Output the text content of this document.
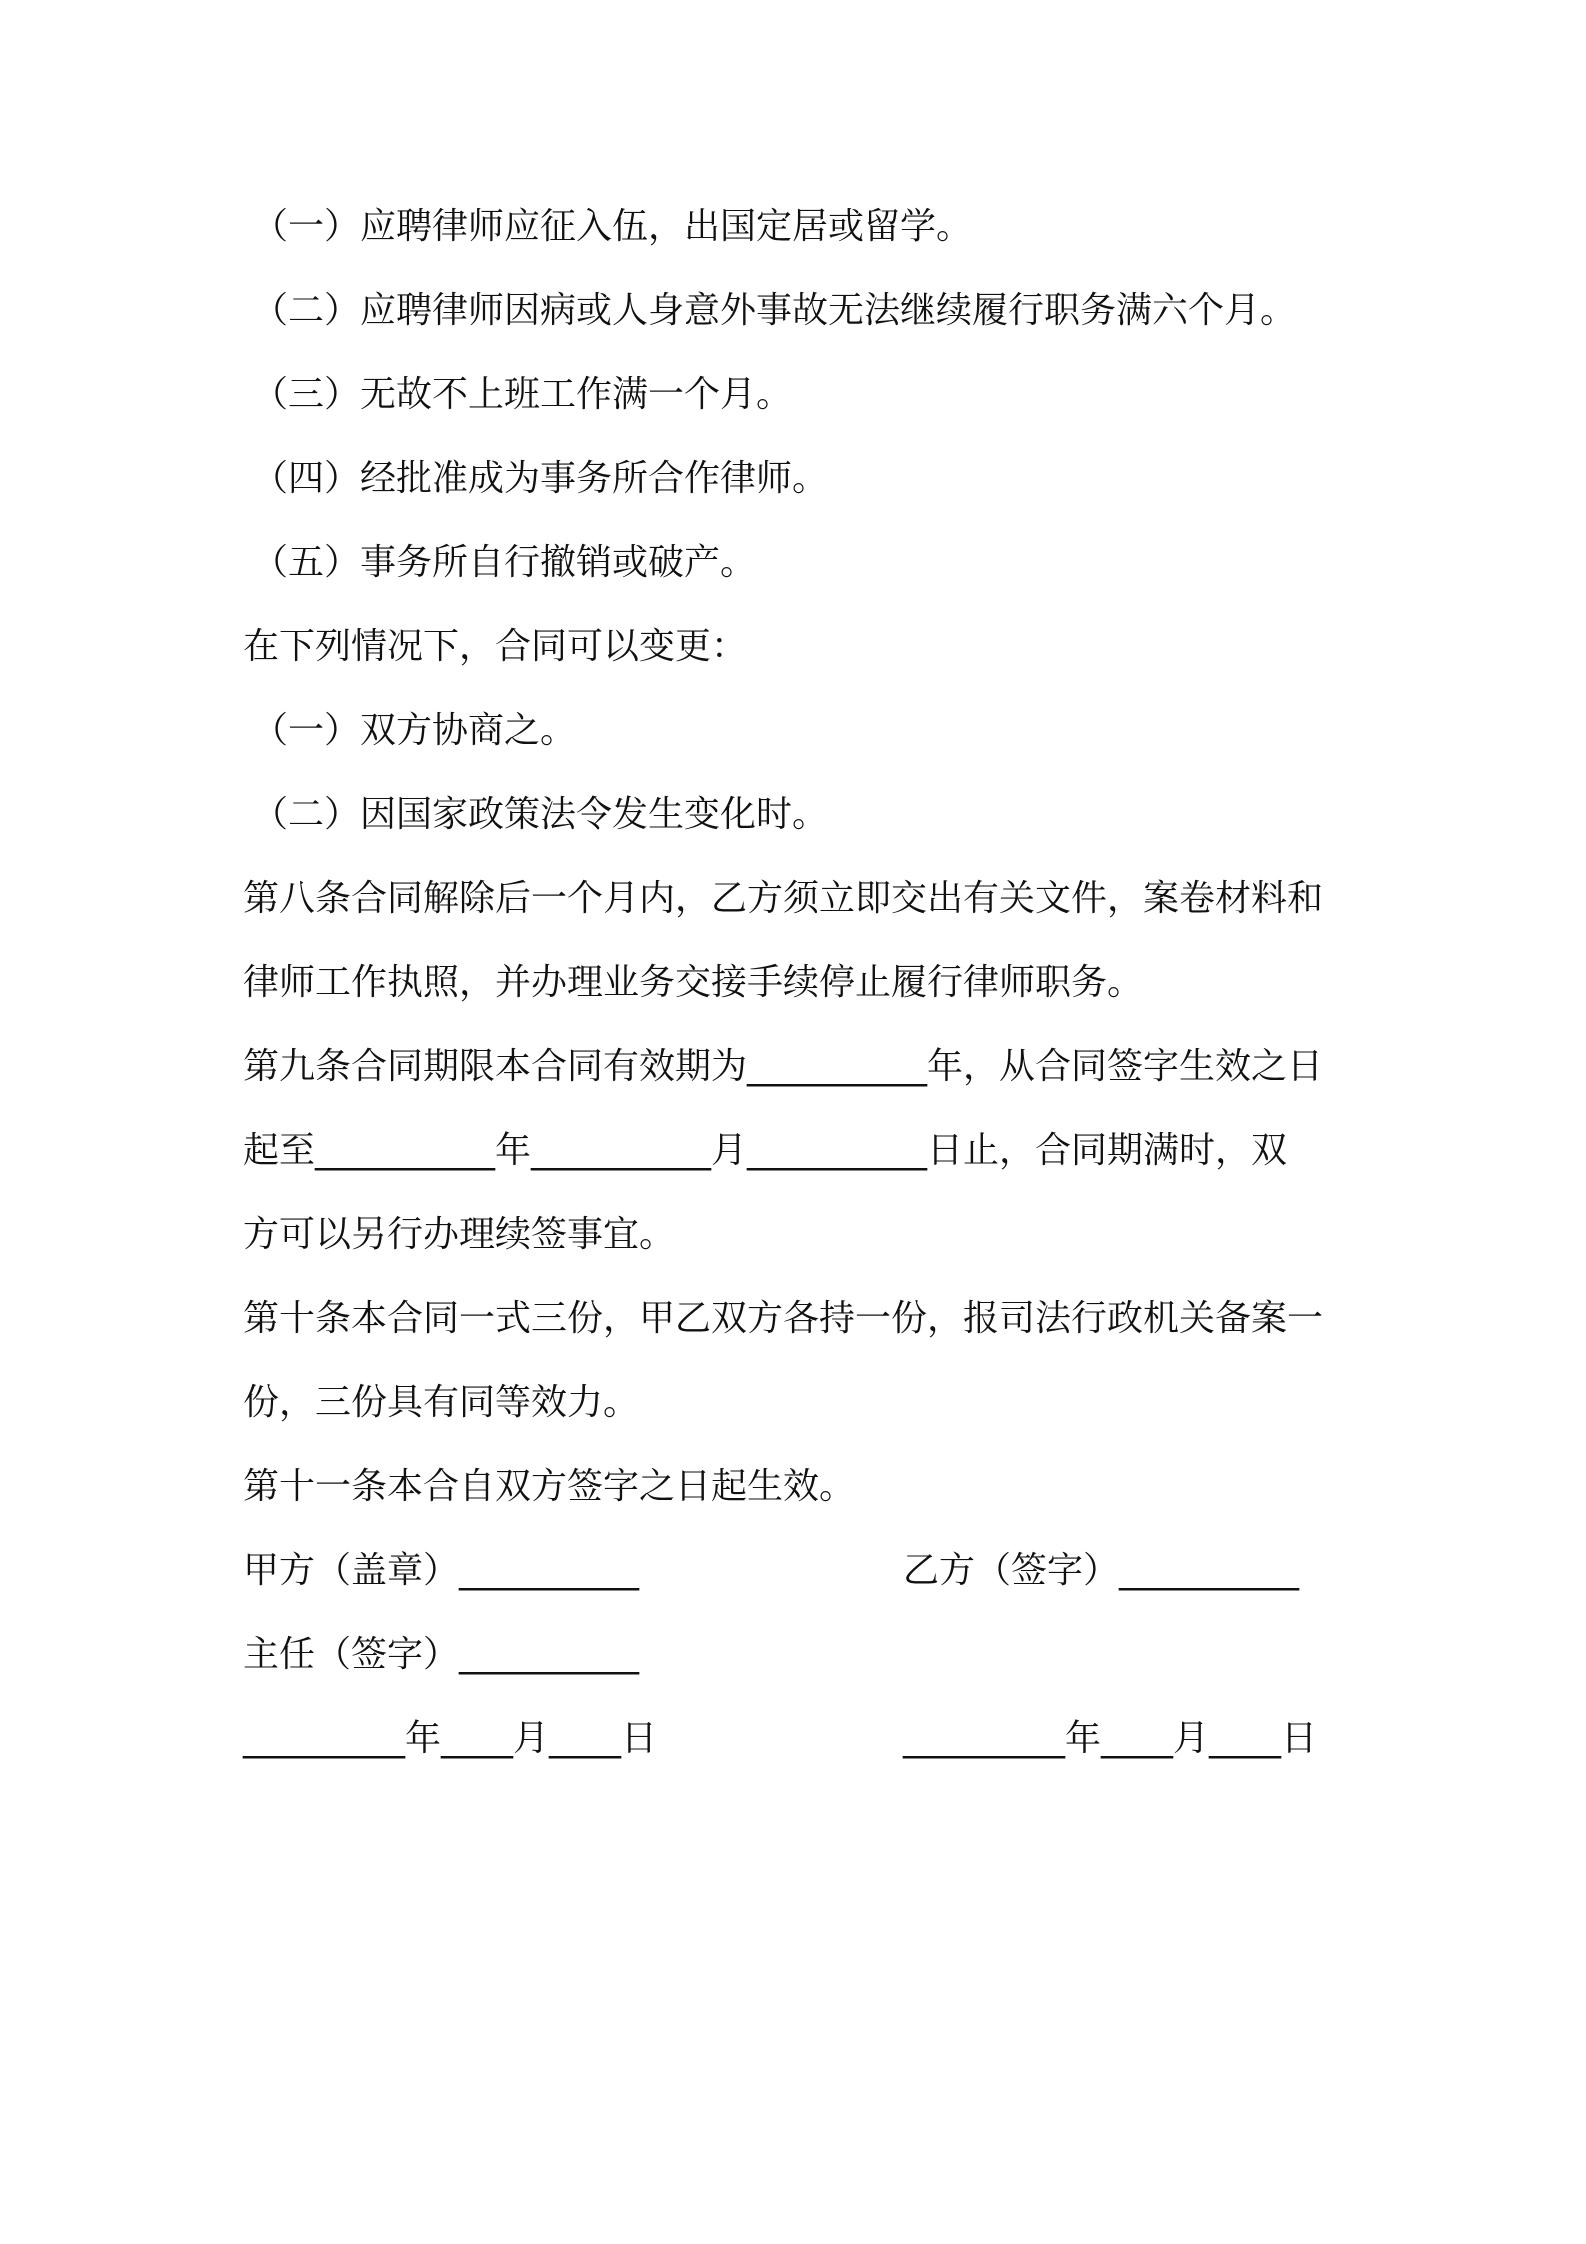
（一）应聘律师应征入伍，出国定居或留学。
（二）应聘律师因病或人身意外事故无法继续履行职务满六个月。
（三）无故不上班工作满一个月。
（四）经批准成为事务所合作律师。
（五）事务所自行撤销或破产。
在下列情况下，合同可以变更：
（一）双方协商之。
（二）因国家政策法令发生变化时。
第八条合同解除后一个月内，乙方须立即交出有关文件，案卷材料和
律师工作执照，并办理业务交接手续停止履行律师职务。
第九条合同期限本合同有效期为__________年，从合同签字生效之日
起至__________年__________月__________日止，合同期满时，双
方可以另行办理续签事宜。
第十条本合同一式三份，甲乙双方各持一份，报司法行政机关备案一
份，三份具有同等效力。
第十一条本合自双方签字之日起生效。
甲方（盖章）__________	乙方（签字）__________
主任（签字）__________
_________年____月____日	_________年____月____日
